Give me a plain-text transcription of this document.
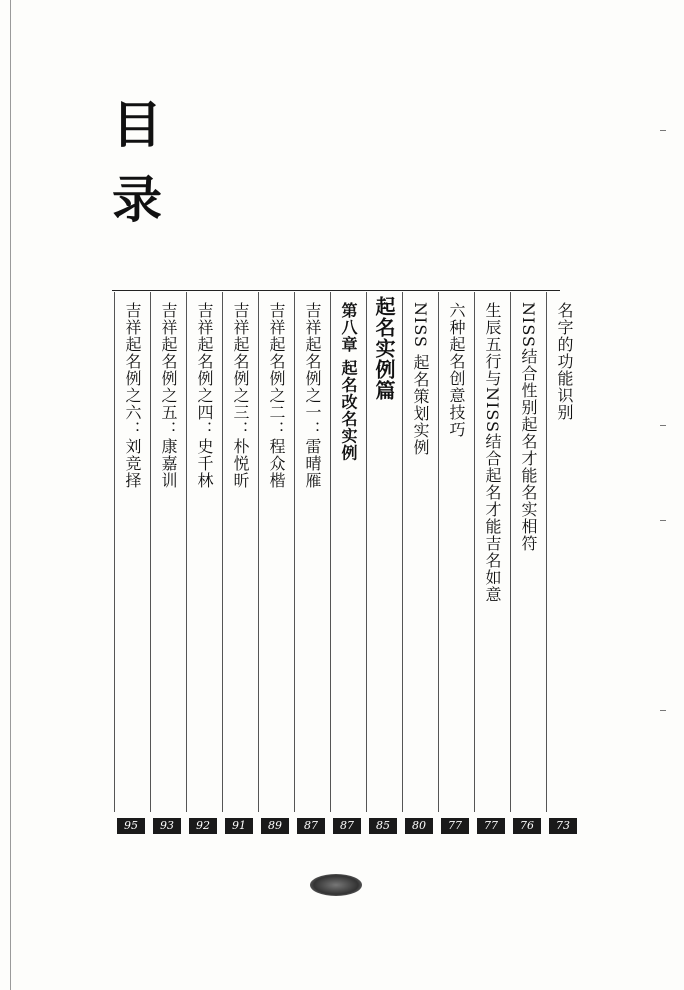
目
录
名字的功能识别
73
NISS结合性别起名才能名实相符
76
生辰五行与NISS结合起名才能吉名如意
77
六种起名创意技巧
77
NISS 起名策划实例
80
起名实例篇
85
第八章 起名改名实例
87
吉祥起名例之一：雷晴雁
87
吉祥起名例之二：程众楷
89
吉祥起名例之三：朴悦昕
91
吉祥起名例之四：史千林
92
吉祥起名例之五：康嘉训
93
吉祥起名例之六：刘竞择
95
